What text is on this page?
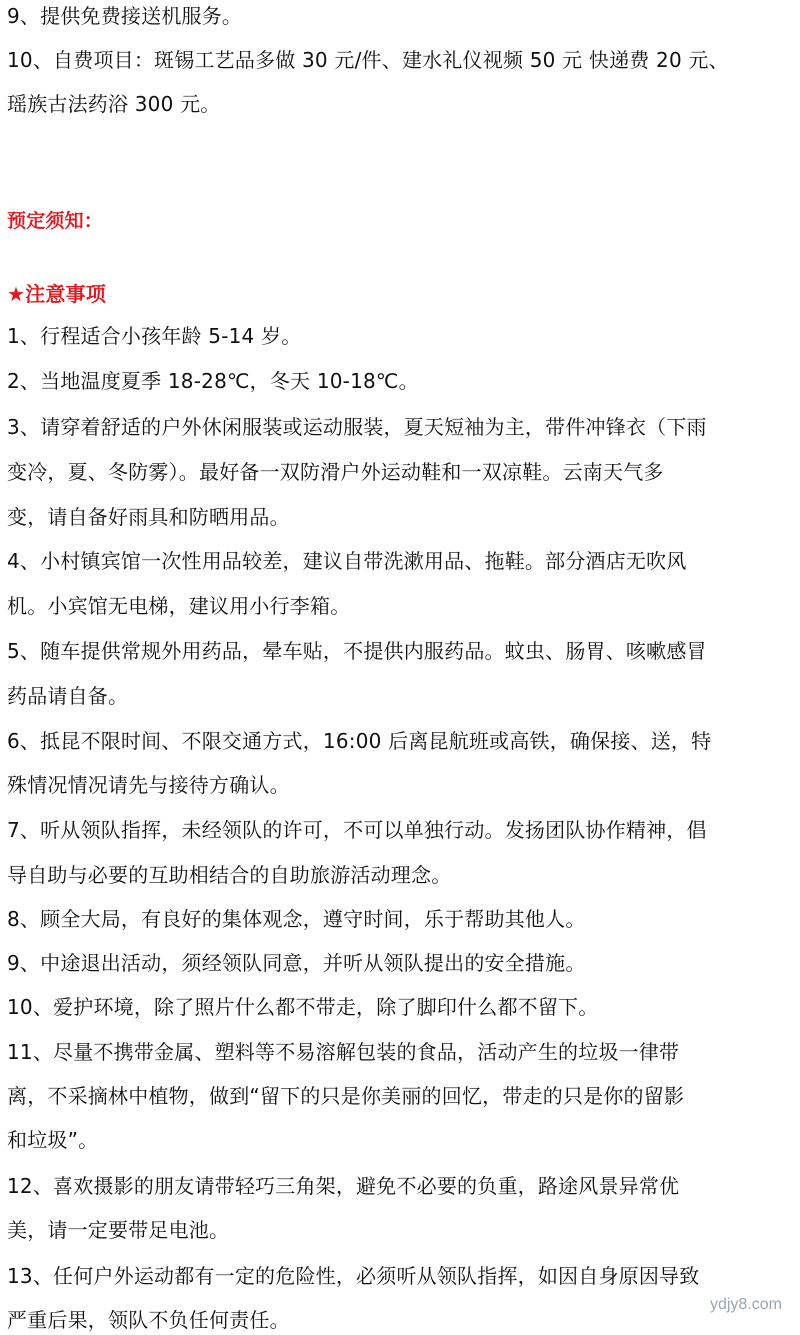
9、提供免费接送机服务。
10、自费项目：斑锡工艺品多做 30 元/件、建水礼仪视频 50 元 快递费 20 元、
瑶族古法药浴 300 元。
预定须知：
★注意事项
1、行程适合小孩年龄 5-14 岁。
2、当地温度夏季 18-28℃，冬天 10-18℃。
3、请穿着舒适的户外休闲服装或运动服装，夏天短袖为主，带件冲锋衣（下雨
变冷，夏、冬防雾）。最好备一双防滑户外运动鞋和一双凉鞋。云南天气多
变，请自备好雨具和防晒用品。
4、小村镇宾馆一次性用品较差，建议自带洗漱用品、拖鞋。部分酒店无吹风
机。小宾馆无电梯，建议用小行李箱。
5、随车提供常规外用药品，晕车贴，不提供内服药品。蚊虫、肠胃、咳嗽感冒
药品请自备。
6、抵昆不限时间、不限交通方式，16:00 后离昆航班或高铁，确保接、送，特
殊情况情况请先与接待方确认。
7、听从领队指挥，未经领队的许可，不可以单独行动。发扬团队协作精神，倡
导自助与必要的互助相结合的自助旅游活动理念。
8、顾全大局，有良好的集体观念，遵守时间，乐于帮助其他人。
9、中途退出活动，须经领队同意，并听从领队提出的安全措施。
10、爱护环境，除了照片什么都不带走，除了脚印什么都不留下。
11、尽量不携带金属、塑料等不易溶解包装的食品，活动产生的垃圾一律带
离，不采摘林中植物，做到“留下的只是你美丽的回忆，带走的只是你的留影
和垃圾”。
12、喜欢摄影的朋友请带轻巧三角架，避免不必要的负重，路途风景异常优
美，请一定要带足电池。
13、任何户外运动都有一定的危险性，必须听从领队指挥，如因自身原因导致
严重后果，领队不负任何责任。
ydjy8.com
